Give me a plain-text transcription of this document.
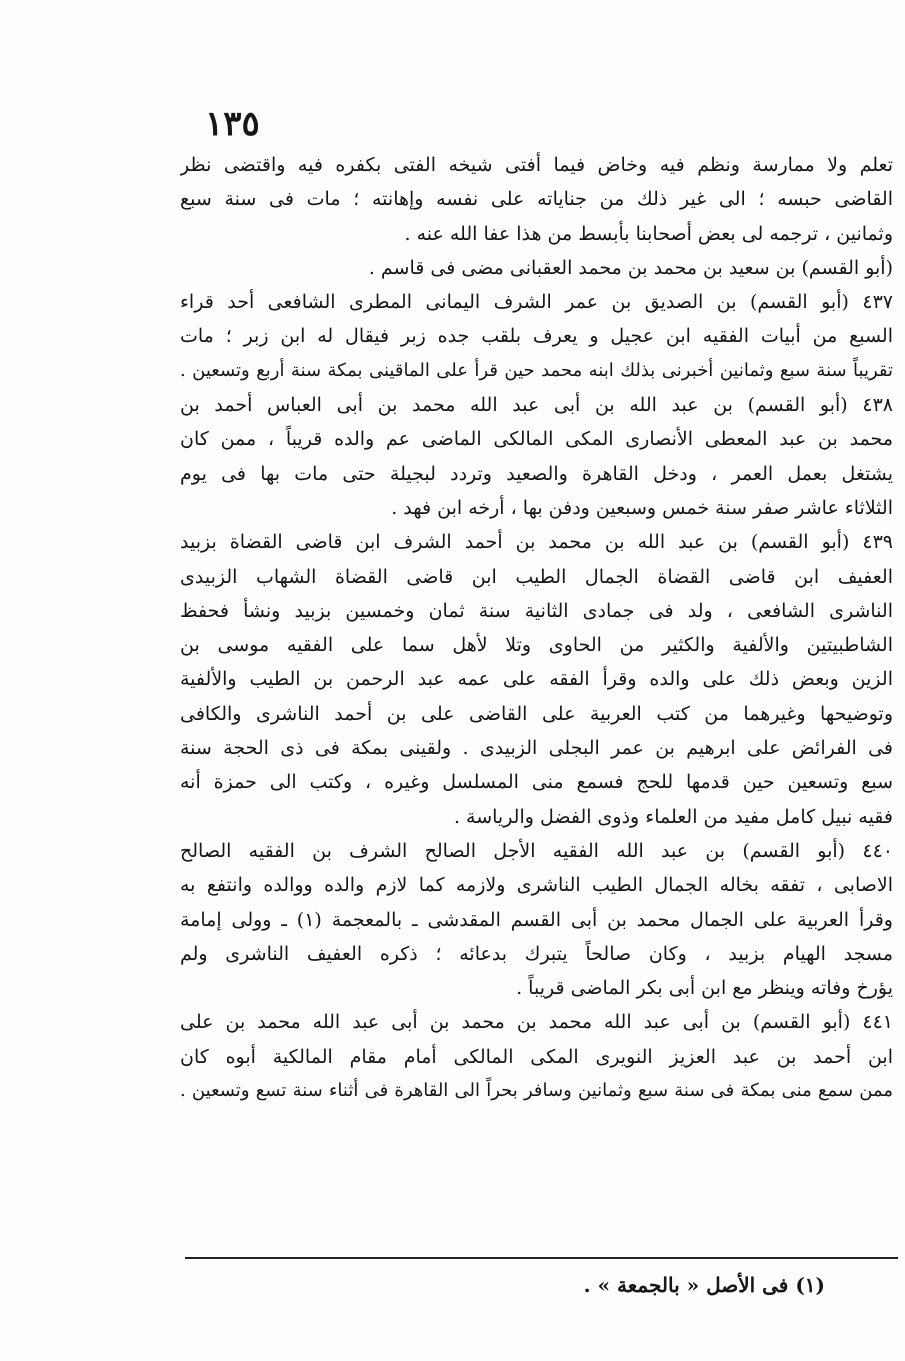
١٣٥
تعلم ولا ممارسة ونظم فيه وخاض فيما أفتى شيخه الفتى بكفره فيه واقتضى نظر
القاضى حبسه ؛ الى غير ذلك من جناياته على نفسه وإهانته ؛ مات فى سنة سبع
وثمانين ، ترجمه لى بعض أصحابنا بأبسط من هذا عفا الله عنه .
(أبو القسم) بن سعيد بن محمد بن محمد العقبانى مضى فى قاسم .
٤٣٧ (أبو القسم) بن الصديق بن عمر الشرف اليمانى المطرى الشافعى أحد قراء
السبع من أبيات الفقيه ابن عجيل و يعرف بلقب جده زبر فيقال له ابن زبر ؛ مات
تقريباً سنة سبع وثمانين أخبرنى بذلك ابنه محمد حين قرأ على الماقينى بمكة سنة أربع وتسعين .
٤٣٨ (أبو القسم) بن عبد الله بن أبى عبد الله محمد بن أبى العباس أحمد بن
محمد بن عبد المعطى الأنصارى المكى المالكى الماضى عم والده قريباً ، ممن كان
يشتغل بعمل العمر ، ودخل القاهرة والصعيد وتردد لبجيلة حتى مات بها فى يوم
الثلاثاء عاشر صفر سنة خمس وسبعين ودفن بها ، أرخه ابن فهد .
٤٣٩ (أبو القسم) بن عبد الله بن محمد بن أحمد الشرف ابن قاضى القضاة بزبيد
العفيف ابن قاضى القضاة الجمال الطيب ابن قاضى القضاة الشهاب الزبيدى
الناشرى الشافعى ، ولد فى جمادى الثانية سنة ثمان وخمسين بزبيد ونشأ فحفظ
الشاطبيتين والألفية والكثير من الحاوى وتلا لأهل سما على الفقيه موسى بن
الزين وبعض ذلك على والده وقرأ الفقه على عمه عبد الرحمن بن الطيب والألفية
وتوضيحها وغيرهما من كتب العربية على القاضى على بن أحمد الناشرى والكافى
فى الفرائض على ابرهيم بن عمر البجلى الزبيدى . ولقينى بمكة فى ذى الحجة سنة
سبع وتسعين حين قدمها للحج فسمع منى المسلسل وغيره ، وكتب الى حمزة أنه
فقيه نبيل كامل مفيد من العلماء وذوى الفضل والرياسة .
٤٤٠ (أبو القسم) بن عبد الله الفقيه الأجل الصالح الشرف بن الفقيه الصالح
الاصابى ، تفقه بخاله الجمال الطيب الناشرى ولازمه كما لازم والده ووالده وانتفع به
وقرأ العربية على الجمال محمد بن أبى القسم المقدشى ـ بالمعجمة (١) ـ وولى إمامة
مسجد الهيام بزبيد ، وكان صالحاً يتبرك بدعائه ؛ ذكره العفيف الناشرى ولم
يؤرخ وفاته وينظر مع ابن أبى بكر الماضى قريباً .
٤٤١ (أبو القسم) بن أبى عبد الله محمد بن محمد بن أبى عبد الله محمد بن على
ابن أحمد بن عبد العزيز النويرى المكى المالكى أمام مقام المالكية أبوه كان
ممن سمع منى بمكة فى سنة سبع وثمانين وسافر بحراً الى القاهرة فى أثناء سنة تسع وتسعين .
(١) فى الأصل « بالجمعة » .
